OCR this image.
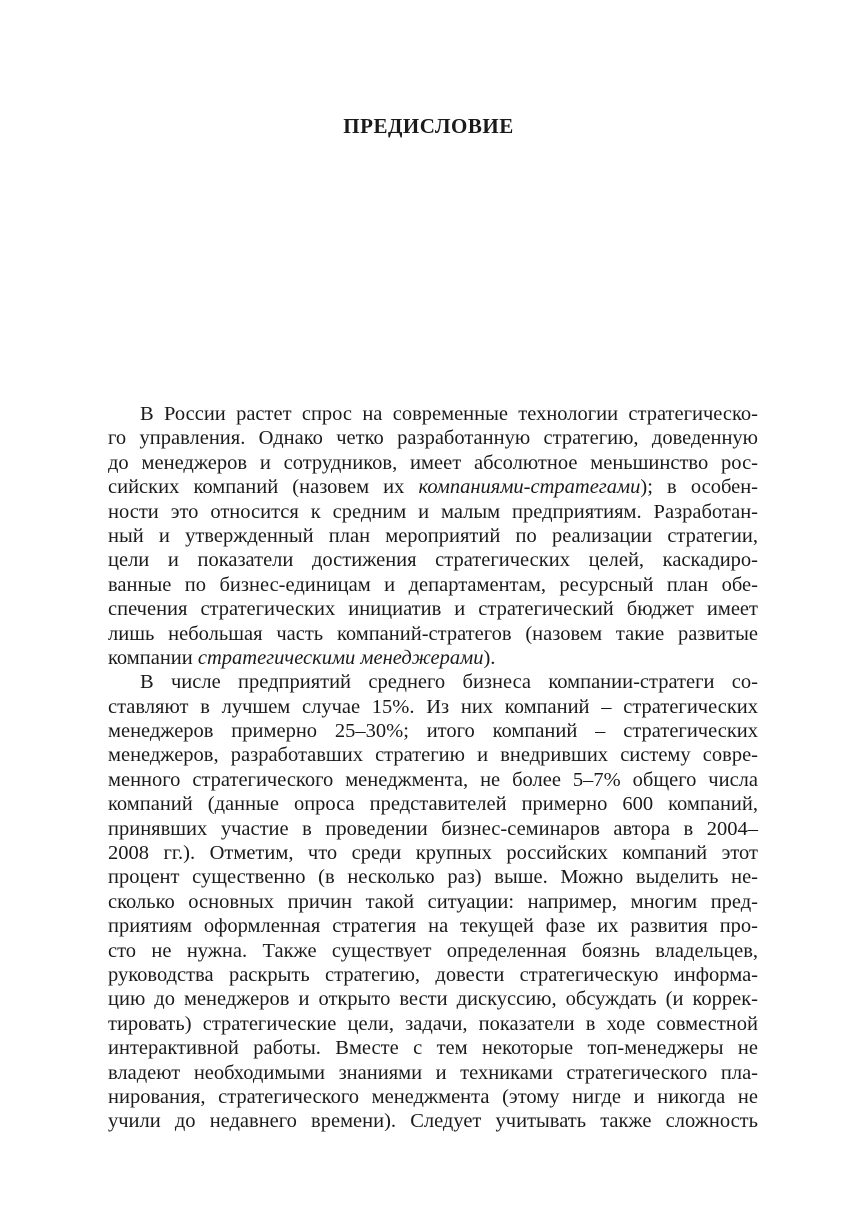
ПРЕДИСЛОВИЕ
В России растет спрос на современные технологии стратегическо-
го управления. Однако четко разработанную стратегию, доведенную
до менеджеров и сотрудников, имеет абсолютное меньшинство рос-
сийских компаний (назовем их компаниями-стратегами); в особен-
ности это относится к средним и малым предприятиям. Разработан-
ный и утвержденный план мероприятий по реализации стратегии,
цели и показатели достижения стратегических целей, каскадиро-
ванные по бизнес-единицам и департаментам, ресурсный план обе-
спечения стратегических инициатив и стратегический бюджет имеет
лишь небольшая часть компаний-стратегов (назовем такие развитые
компании стратегическими менеджерами).
В числе предприятий среднего бизнеса компании-стратеги со-
ставляют в лучшем случае 15%. Из них компаний – стратегических
менеджеров примерно 25–30%; итого компаний – стратегических
менеджеров, разработавших стратегию и внедривших систему совре-
менного стратегического менеджмента, не более 5–7% общего числа
компаний (данные опроса представителей примерно 600 компаний,
принявших участие в проведении бизнес-семинаров автора в 2004–
2008 гг.). Отметим, что среди крупных российских компаний этот
процент существенно (в несколько раз) выше. Можно выделить не-
сколько основных причин такой ситуации: например, многим пред-
приятиям оформленная стратегия на текущей фазе их развития про-
сто не нужна. Также существует определенная боязнь владельцев,
руководства раскрыть стратегию, довести стратегическую информа-
цию до менеджеров и открыто вести дискуссию, обсуждать (и коррек-
тировать) стратегические цели, задачи, показатели в ходе совместной
интерактивной работы. Вместе с тем некоторые топ-менеджеры не
владеют необходимыми знаниями и техниками стратегического пла-
нирования, стратегического менеджмента (этому нигде и никогда не
учили до недавнего времени). Следует учитывать также сложность
